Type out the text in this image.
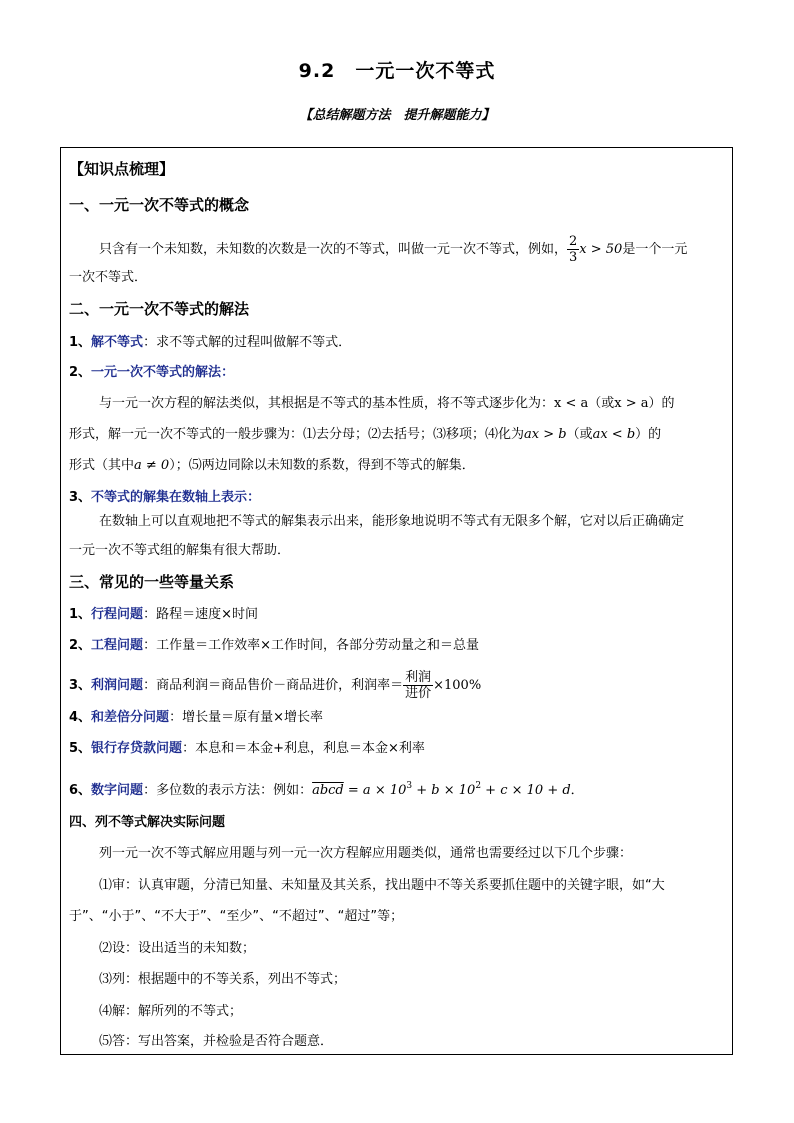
9.2　一元一次不等式
【总结解题方法　提升解题能力】
【知识点梳理】
一、一元一次不等式的概念
只含有一个未知数，未知数的次数是一次的不等式，叫做一元一次不等式，例如， $\frac{2}{3}$ x > 50是一个一元
一次不等式．
二、一元一次不等式的解法
1、解不等式：求不等式解的过程叫做解不等式．
2、一元一次不等式的解法：
与一元一次方程的解法类似，其根据是不等式的基本性质，将不等式逐步化为：x < a（或x > a）的
形式，解一元一次不等式的一般步骤为：⑴去分母；⑵去括号；⑶移项；⑷化为ax > b（或ax < b）的
形式（其中a ≠ 0）；⑸两边同除以未知数的系数，得到不等式的解集．
3、不等式的解集在数轴上表示：
在数轴上可以直观地把不等式的解集表示出来，能形象地说明不等式有无限多个解，它对以后正确确定
一元一次不等式组的解集有很大帮助．
三、常见的一些等量关系
1、行程问题：路程＝速度×时间
2、工程问题：工作量＝工作效率×工作时间，各部分劳动量之和＝总量
3、利润问题：商品利润＝商品售价－商品进价，利润率＝ $\frac{\text{利润}}{\text{进价}} \times 100\%$
4、和差倍分问题：增长量＝原有量×增长率
5、银行存贷款问题：本息和＝本金+利息，利息＝本金×利率
6、数字问题：多位数的表示方法：例如：abcd = $a \times 10^3 + b \times 10^2 + c \times 10 + d$．
四、列不等式解决实际问题
列一元一次不等式解应用题与列一元一次方程解应用题类似，通常也需要经过以下几个步骤：
⑴审：认真审题，分清已知量、未知量及其关系，找出题中不等关系要抓住题中的关键字眼，如“大
于”、“小于”、“不大于”、“至少”、“不超过”、“超过”等；
⑵设：设出适当的未知数；
⑶列：根据题中的不等关系，列出不等式；
⑷解：解所列的不等式；
⑸答：写出答案，并检验是否符合题意．
